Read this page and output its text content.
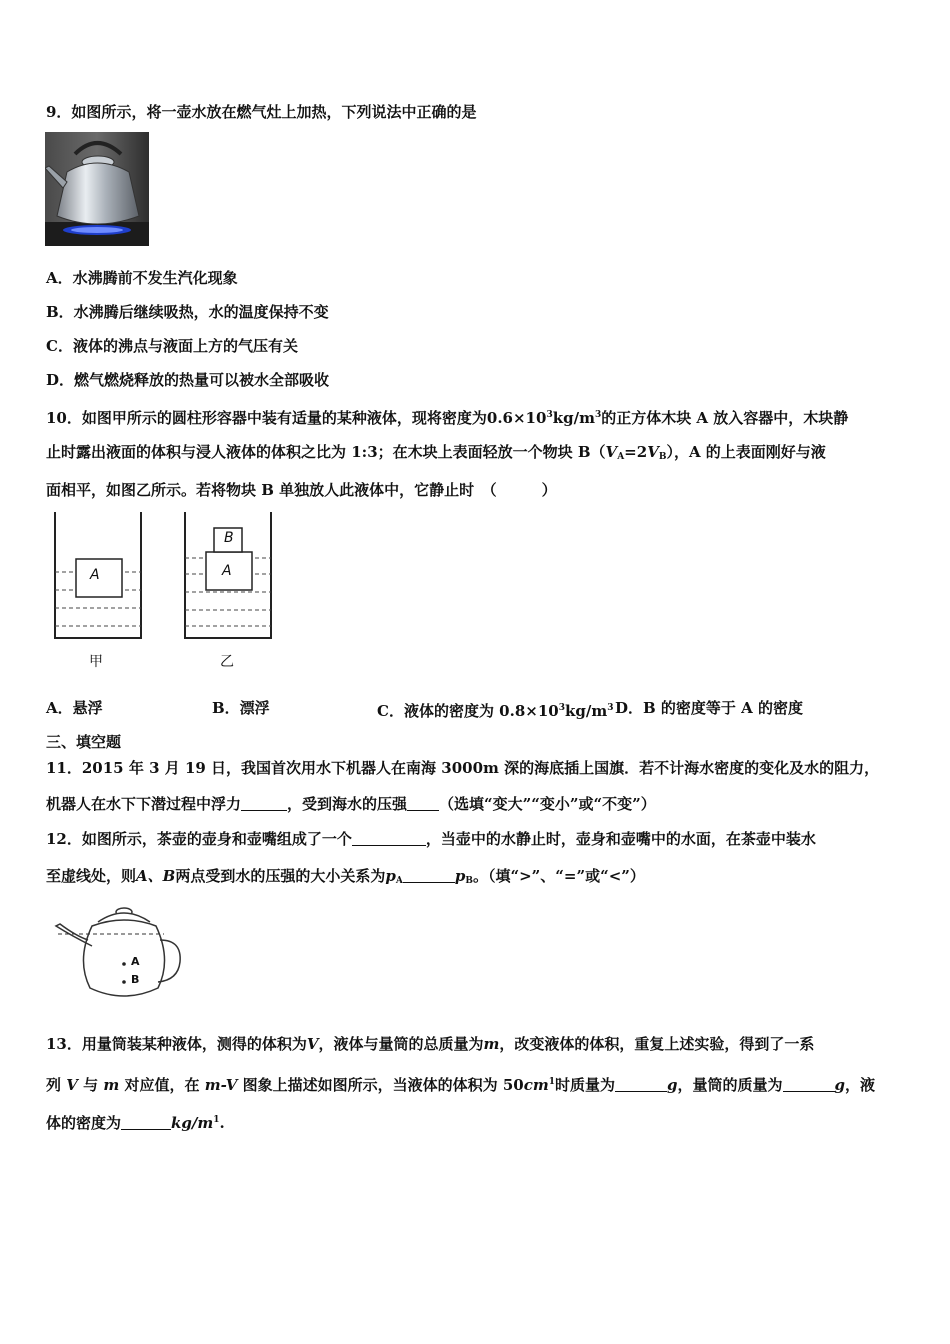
9．如图所示，将一壶水放在燃气灶上加热，下列说法中正确的是
A．水沸腾前不发生汽化现象
B．水沸腾后继续吸热，水的温度保持不变
C．液体的沸点与液面上方的气压有关
D．燃气燃烧释放的热量可以被水全部吸收
10．如图甲所示的圆柱形容器中装有适量的某种液体，现将密度为$0.6\times 10^3kg/m^3$的正方体木块 A 放入容器中，木块静
止时露出液面的体积与浸人液体的体积之比为 1:3；在木块上表面轻放一个物块 $B(V_A=2V_B)$，A 的上表面刚好与液
面相平，如图乙所示。若将物块 B 单独放人此液体中，它静止时　（　　　）
A
甲
B
A
乙
A．悬浮	B．漂浮	C．液体的密度为 $0.8\times 10^3kg/m^3$ D．B 的密度等于 A 的密度
三、填空题
11．2015 年 3 月 19 日，我国首次用水下机器人在南海 3000m 深的海底插上国旗．若不计海水密度的变化及水的阻力，
机器人在水下下潜过程中浮力	，受到海水的压强 （选填“变大”“变小”或“不变”）
12．如图所示，茶壶的壶身和壶嘴组成了一个	，当壶中的水静止时，壶身和壶嘴中的水面，在茶壶中装水
至虚线处，则A、B两点受到水的压强的大小关系为$p_A$	$p_B$。（填“>”、“=”或“<”）
A
B
13．用量筒装某种液体，测得的体积为V，液体与量筒的总质量为m，改变液体的体积，重复上述实验，得到了一系
列 V 与 m 对应值，在 m-V 图象上描述如图所示，当液体的体积为 $50cm^1$时质量为	g，量筒的质量为	g，液
体的密度为	$kg/m^1$.
